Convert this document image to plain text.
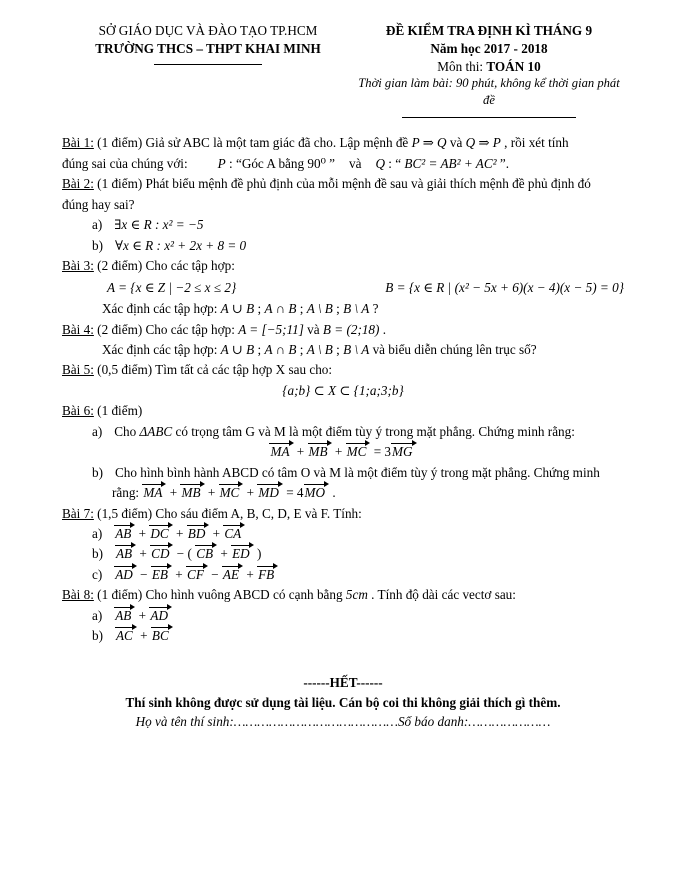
SỞ GIÁO DỤC VÀ ĐÀO TẠO TP.HCM
TRƯỜNG THCS – THPT KHAI MINH
ĐỀ KIỂM TRA ĐỊNH KÌ THÁNG 9
Năm học 2017 - 2018
Môn thi: TOÁN 10
Thời gian làm bài: 90 phút, không kể thời gian phát đề

Bài 1: (1 điểm) Giả sử ABC là một tam giác đã cho. Lập mệnh đề P ⇒ Q và Q ⇒ P , rồi xét tính

đúng sai của chúng với: P : “Góc A bằng 90⁰ ” và Q : “ BC² = AB² + AC² ”.

Bài 2: (1 điểm) Phát biểu mệnh đề phủ định của mỗi mệnh đề sau và giải thích mệnh đề phủ định đó

đúng hay sai?

a) ∃x ∈ R : x² = −5

b) ∀x ∈ R : x² + 2x + 8 = 0

Bài 3: (2 điểm) Cho các tập hợp:

A = {x ∈ Z | −2 ≤ x ≤ 2}	B = {x ∈ R | (x² − 5x + 6)(x − 4)(x − 5) = 0}

Xác định các tập hợp: A ∪ B ; A ∩ B ; A \ B ; B \ A ?

Bài 4: (2 điểm) Cho các tập hợp: A = [−5;11] và B = (2;18) .

Xác định các tập hợp: A ∪ B ; A ∩ B ; A \ B ; B \ A và biểu diễn chúng lên trục số?

Bài 5: (0,5 điểm) Tìm tất cả các tập hợp X sau cho:

{a;b} ⊂ X ⊂ {1;a;3;b}

Bài 6: (1 điểm)

a) Cho ΔABC có trọng tâm G và M là một điểm tùy ý trong mặt phẳng. Chứng minh rằng:

MA + MB + MC = 3MG

b) Cho hình bình hành ABCD có tâm O và M là một điểm tùy ý trong mặt phẳng. Chứng minh

rằng: MA + MB + MC + MD = 4MO .

Bài 7: (1,5 điểm) Cho sáu điểm A, B, C, D, E và F. Tính:

a) AB + DC + BD + CA

b) AB + CD − ( CB + ED )

c) AD − EB + CF − AE + FB

Bài 8: (1 điểm) Cho hình vuông ABCD có cạnh bằng 5cm . Tính độ dài các vectơ sau:

a) AB + AD

b) AC + BC

------HẾT------

Thí sinh không được sử dụng tài liệu. Cán bộ coi thi không giải thích gì thêm.

Họ và tên thí sinh:……………………………………Số báo danh:…………………
